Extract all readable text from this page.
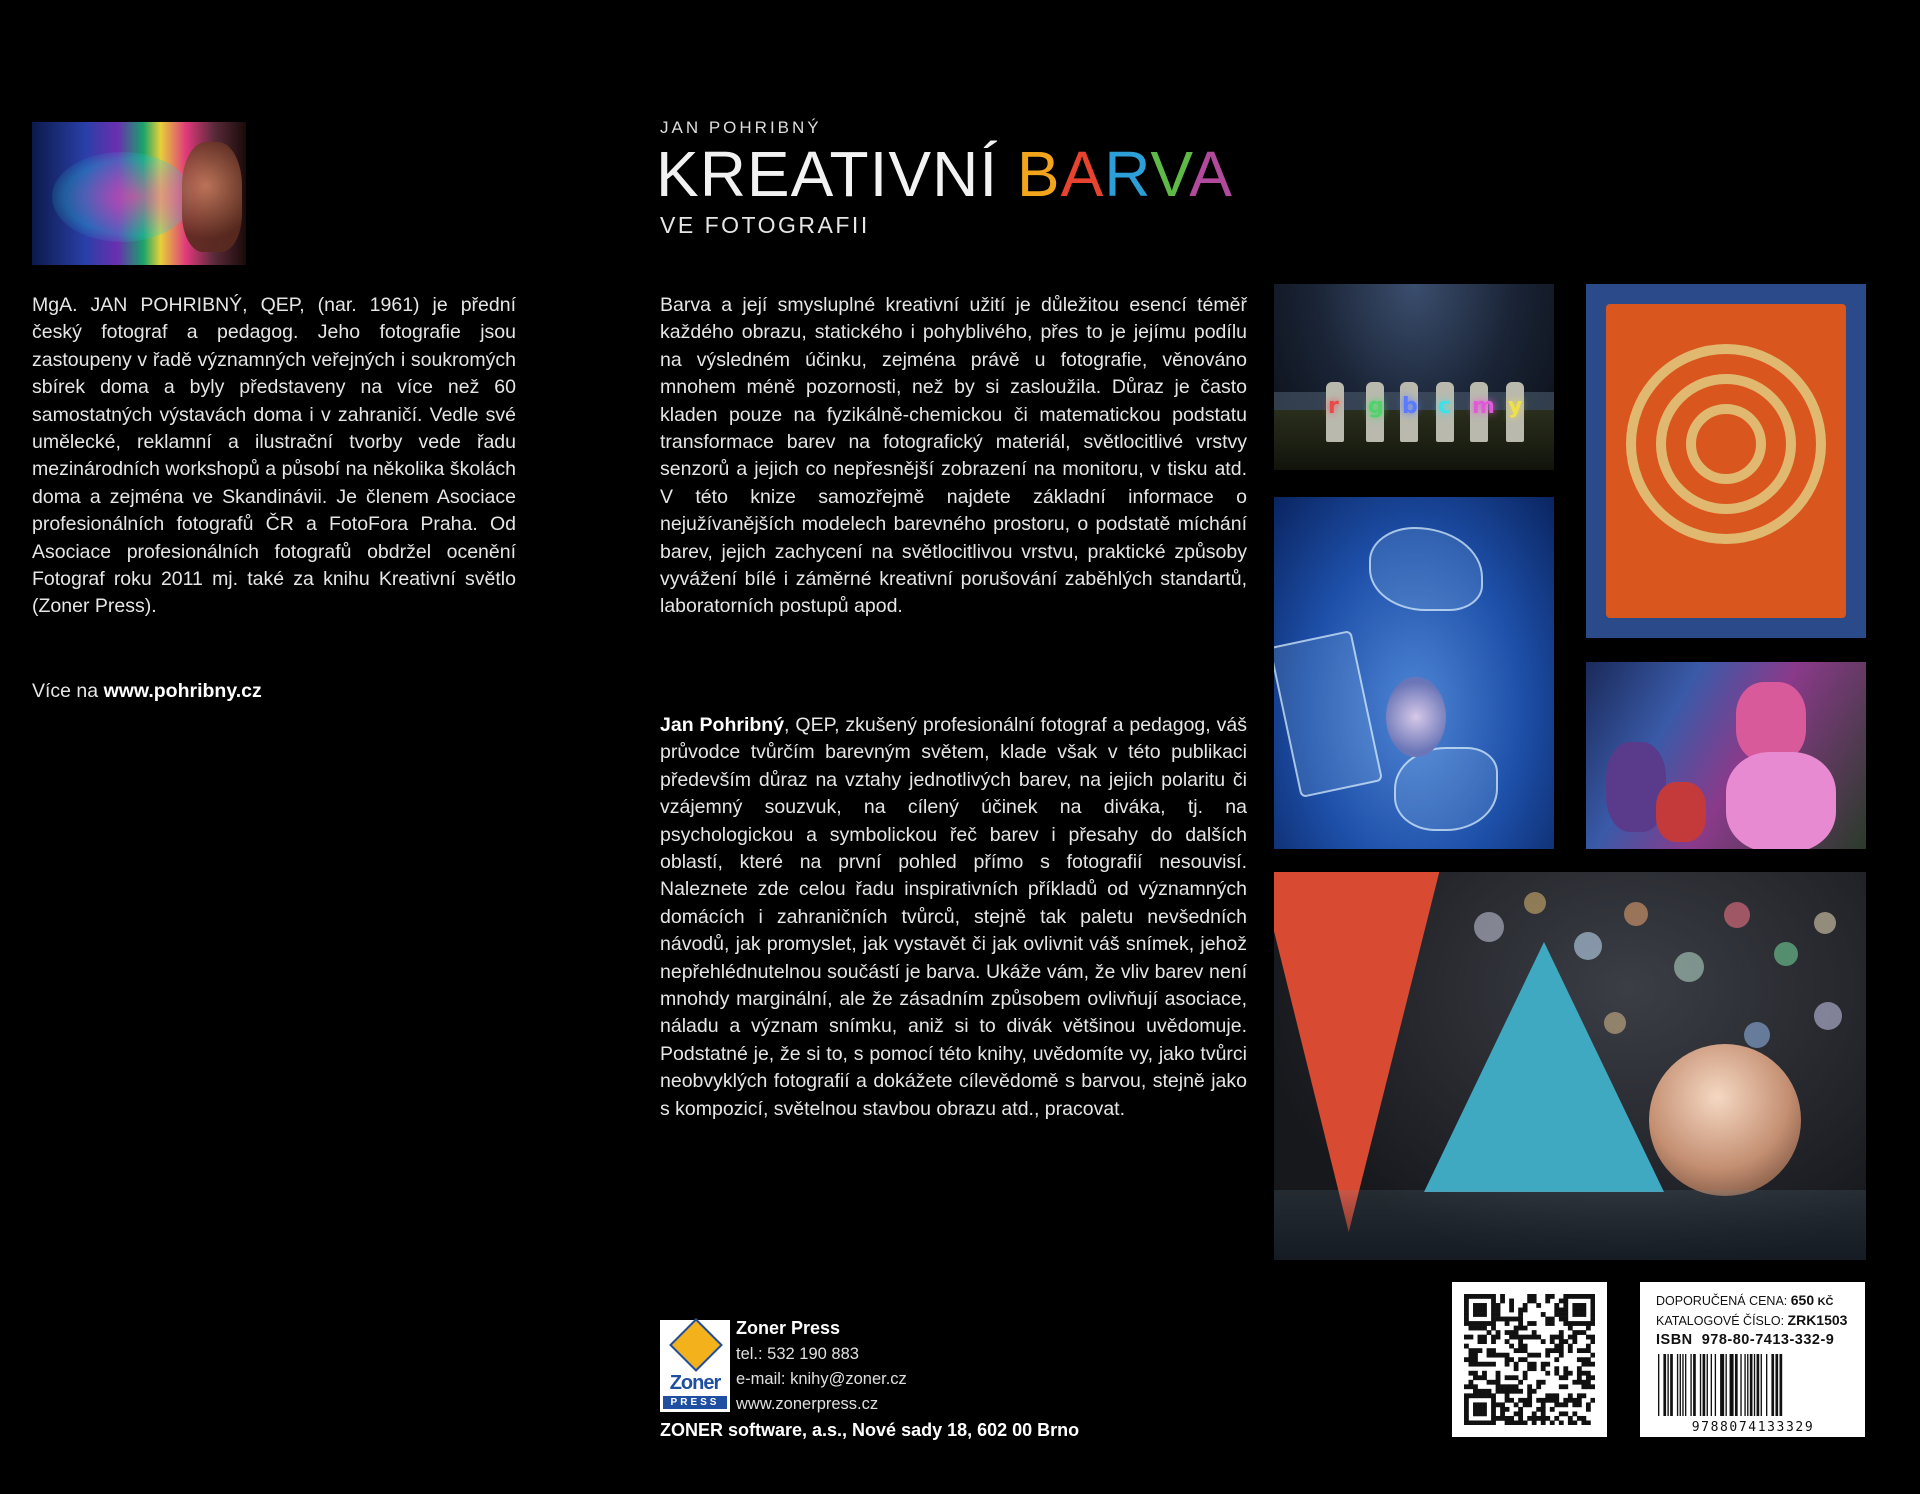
MgA. JAN POHRIBNÝ, QEP, (nar. 1961) je přední český fotograf a pedagog. Jeho fotografie jsou zastoupeny v řadě významných veřejných i soukromých sbírek doma a byly představeny na více než 60 samostatných výstavách doma i v zahraničí. Vedle své umělecké, reklamní a ilustrační tvorby vede řadu mezinárodních workshopů a působí na několika školách doma a zejména ve Skandinávii. Je členem Asociace profesionálních fotografů ČR a FotoFora Praha. Od Asociace profesionálních fotografů obdržel ocenění Fotograf roku 2011 mj. také za knihu Kreativní světlo (Zoner Press).
Více na www.pohribny.cz
JAN POHRIBNÝ
KREATIVNÍ BARVA
VE FOTOGRAFII
Barva a její smysluplné kreativní užití je důležitou esencí téměř každého obrazu, statického i pohyblivého, přes to je jejímu podílu na výsledném účinku, zejména právě u fotografie, věnováno mnohem méně pozornosti, než by si zasloužila. Důraz je často kladen pouze na fyzikálně-chemickou či matematickou podstatu transformace barev na fotografický materiál, světlocitlivé vrstvy senzorů a jejich co nepřesnější zobrazení na monitoru, v tisku atd. V této knize samozřejmě najdete základní informace o nejužívanějších modelech barevného prostoru, o podstatě míchání barev, jejich zachycení na světlocitlivou vrstvu, praktické způsoby vyvážení bílé i záměrné kreativní porušování zaběhlých standartů, laboratorních postupů apod.
Jan Pohribný, QEP, zkušený profesionální fotograf a pedagog, váš průvodce tvůrčím barevným světem, klade však v této publikaci především důraz na vztahy jednotlivých barev, na jejich polaritu či vzájemný souzvuk, na cílený účinek na diváka, tj. na psychologickou a symbolickou řeč barev i přesahy do dalších oblastí, které na první pohled přímo s fotografií nesouvisí. Naleznete zde celou řadu inspirativních příkladů od významných domácích i zahraničních tvůrců, stejně tak paletu nevšedních návodů, jak promyslet, jak vystavět či jak ovlivnit váš snímek, jehož nepřehlédnutelnou součástí je barva. Ukáže vám, že vliv barev není mnohdy marginální, ale že zásadním způsobem ovlivňují asociace, náladu a význam snímku, aniž si to divák většinou uvědomuje. Podstatné je, že si to, s pomocí této knihy, uvědomíte vy, jako tvůrci neobvyklých fotografií a dokážete cílevědomě s barvou, stejně jako s kompozicí, světelnou stavbou obrazu atd., pracovat.
r g b c m y
Zoner
PRESS
Zoner Press
tel.: 532 190 883
e-mail: knihy@zoner.cz
www.zonerpress.cz
ZONER software, a.s., Nové sady 18, 602 00 Brno
DOPORUČENÁ CENA: 650 KČ
KATALOGOVÉ ČÍSLO: ZRK1503
ISBN 978-80-7413-332-9
9788074133329
